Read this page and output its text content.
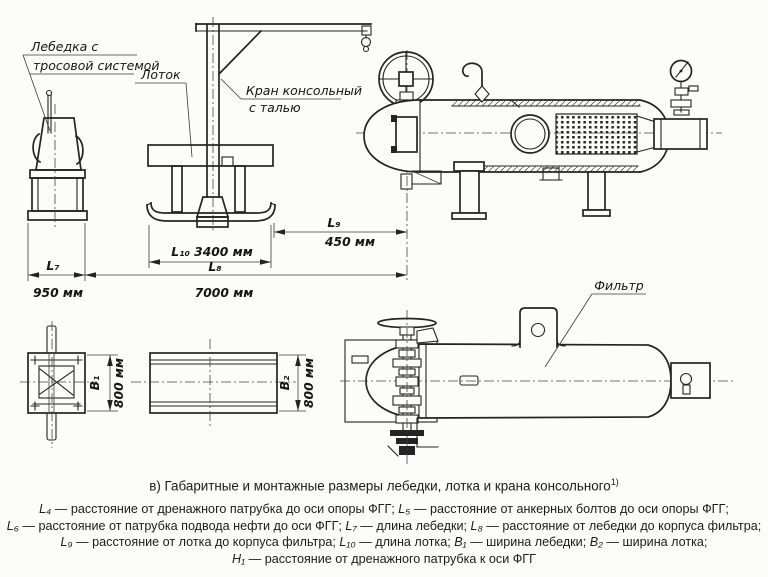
Лебедка с
тросовой системой
Лоток
Кран консольный
с талью
L₁₀ 3400 мм
L₉
450 мм
L₇
950 мм
L₈
7000 мм
B₁ 800 мм	B₂ 800 мм
Фильтр
в) Габаритные и монтажные размеры лебедки, лотка и крана консольного$^{1)}$
L₄ — расстояние от дренажного патрубка до оси опоры ФГГ; L₅ — расстояние от анкерных болтов до оси опоры ФГГ;
L₆ — расстояние от патрубка подвода нефти до оси ФГГ; L₇ — длина лебедки; L₈ — расстояние от лебедки до корпуса фильтра;
L₉ — расстояние от лотка до корпуса фильтра; L₁₀ — длина лотка; B₁ — ширина лебедки; B₂ — ширина лотка;
H₁ — расстояние от дренажного патрубка к оси ФГГ
